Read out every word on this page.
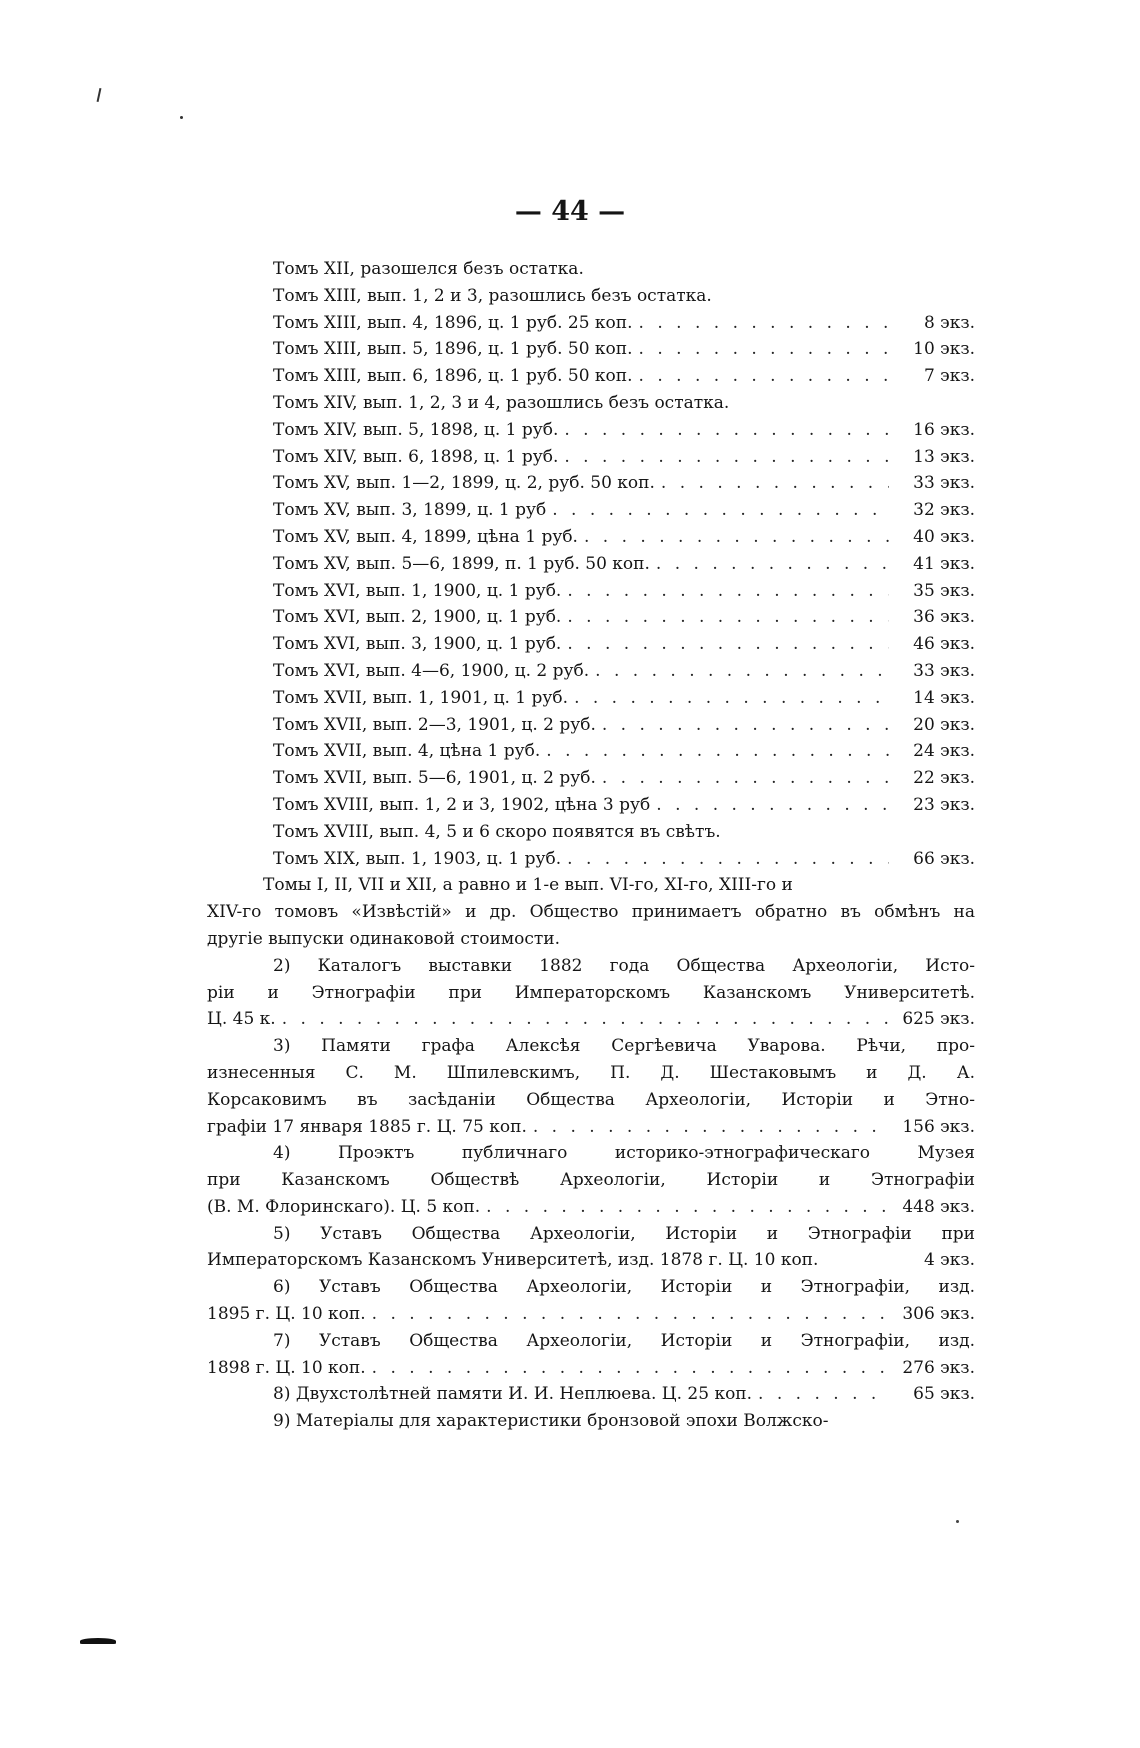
— 44 —
Томъ XII, разошелся безъ остатка.
Томъ XIII, вып. 1, 2 и 3, разошлись безъ остатка.
Томъ XIII, вып. 4, 1896, ц. 1 руб. 25 коп. . . .	8 экз.
Томъ XIII, вып. 5, 1896, ц. 1 руб. 50 коп. . . .	10 экз.
Томъ XIII, вып. 6, 1896, ц. 1 руб. 50 коп. . . .	7 экз.
Томъ XIV, вып. 1, 2, 3 и 4, разошлись безъ остатка.
Томъ XIV, вып. 5, 1898, ц. 1 руб. . . .	16 экз.
Томъ XIV, вып. 6, 1898, ц. 1 руб. . . .	13 экз.
Томъ XV, вып. 1—2, 1899, ц. 2, руб. 50 коп. . . .	33 экз.
Томъ XV, вып. 3, 1899, ц. 1 руб . . .	32 экз.
Томъ XV, вып. 4, 1899, цѣна 1 руб. . . .	40 экз.
Томъ XV, вып. 5—6, 1899, п. 1 руб. 50 коп. . . .	41 экз.
Томъ XVI, вып. 1, 1900, ц. 1 руб. . . .	35 экз.
Томъ XVI, вып. 2, 1900, ц. 1 руб. . . .	36 экз.
Томъ XVI, вып. 3, 1900, ц. 1 руб. . . .	46 экз.
Томъ XVI, вып. 4—6, 1900, ц. 2 руб. . . .	33 экз.
Томъ XVII, вып. 1, 1901, ц. 1 руб. . . .	14 экз.
Томъ XVII, вып. 2—3, 1901, ц. 2 руб. . . .	20 экз.
Томъ XVII, вып. 4, цѣна 1 руб. . . .	24 экз.
Томъ XVII, вып. 5—6, 1901, ц. 2 руб. . . .	22 экз.
Томъ XVIII, вып. 1, 2 и 3, 1902, цѣна 3 руб . . .	23 экз.
Томъ XVIII, вып. 4, 5 и 6 скоро появятся въ свѣтъ.
Томъ XIX, вып. 1, 1903, ц. 1 руб. . . .	66 экз.
Томы I, II, VII и XII, а равно и 1-е вып. VI-го, XI-го, XIII-го и
XIV-го томовъ «Извѣстій» и др. Общество принимаетъ обратно въ обмѣнъ на
другіе выпуски одинаковой стоимости.
2) Каталогъ выставки 1882 года Общества Археологіи, Исто-
ріи и Этнографіи при Императорскомъ Казанскомъ Университетѣ.
Ц. 45 к. . . .	625 экз.
3) Памяти графа Алексѣя Сергѣевича Уварова. Рѣчи, про-
изнесенныя С. М. Шпилевскимъ, П. Д. Шестаковымъ и Д. А.
Корсаковимъ въ засѣданіи Общества Археологіи, Исторіи и Этно-
графіи 17 января 1885 г. Ц. 75 коп. . . .	156 экз.
4) Проэктъ публичнаго историко-этнографическаго Музея
при Казанскомъ Обществѣ Археологіи, Исторіи и Этнографіи
(В. М. Флоринскаго). Ц. 5 коп. . . .	448 экз.
5) Уставъ Общества Археологіи, Исторіи и Этнографіи при
Императорскомъ Казанскомъ Университетѣ, изд. 1878 г. Ц. 10 коп.	4 экз.
6) Уставъ Общества Археологіи, Исторіи и Этнографіи, изд.
1895 г. Ц. 10 коп. . . .	306 экз.
7) Уставъ Общества Археологіи, Исторіи и Этнографіи, изд.
1898 г. Ц. 10 коп. . . .	276 экз.
8) Двухстолѣтней памяти И. И. Неплюева. Ц. 25 коп. . . .	65 экз.
9) Матеріалы для характеристики бронзовой эпохи Волжско-
